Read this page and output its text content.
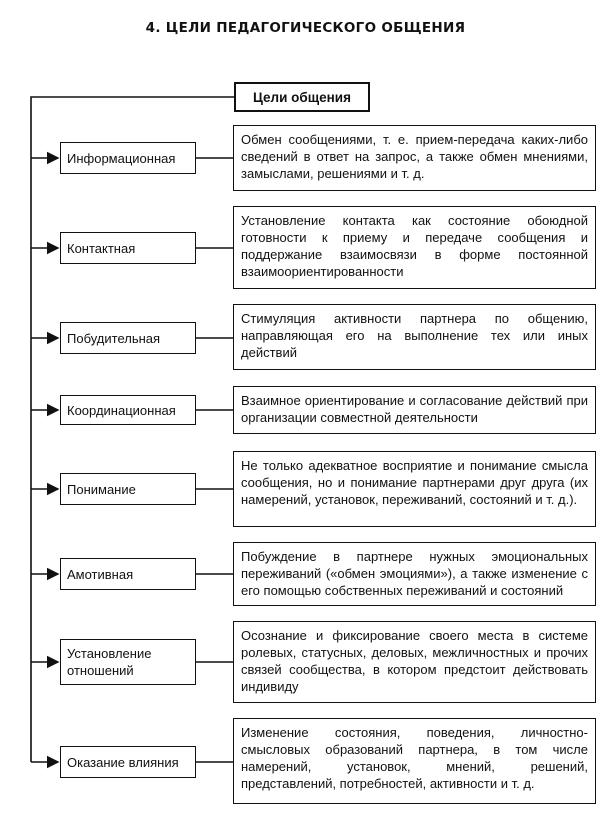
4. ЦЕЛИ ПЕДАГОГИЧЕСКОГО ОБЩЕНИЯ
Цели общения
Информационная
Обмен сообщениями, т. е. прием-передача каких-либо сведений в ответ на запрос, а также обмен мнениями, замыслами, решениями и т. д.
Контактная
Установление контакта как состояние обоюдной готовности к приему и передаче сообщения и поддержание взаимосвязи в форме постоянной взаимоориентированности
Побудительная
Стимуляция активности партнера по общению, направляющая его на выполнение тех или иных действий
Координационная
Взаимное ориентирование и согласование действий при организации совместной деятельности
Понимание
Не только адекватное восприятие и понимание смысла сообщения, но и понимание партнерами друг друга (их намерений, установок, переживаний, состояний и т. д.).
Амотивная
Побуждение в партнере нужных эмоциональных переживаний («обмен эмоциями»), а также изменение с его помощью собственных переживаний и состояний
Установление отношений
Осознание и фиксирование своего места в системе ролевых, статусных, деловых, межличностных и прочих связей сообщества, в котором предстоит действовать индивиду
Оказание влияния
Изменение состояния, поведения, личностно-смысловых образований партнера, в том числе намерений, установок, мнений, решений, представлений, потребностей, активности и т. д.
